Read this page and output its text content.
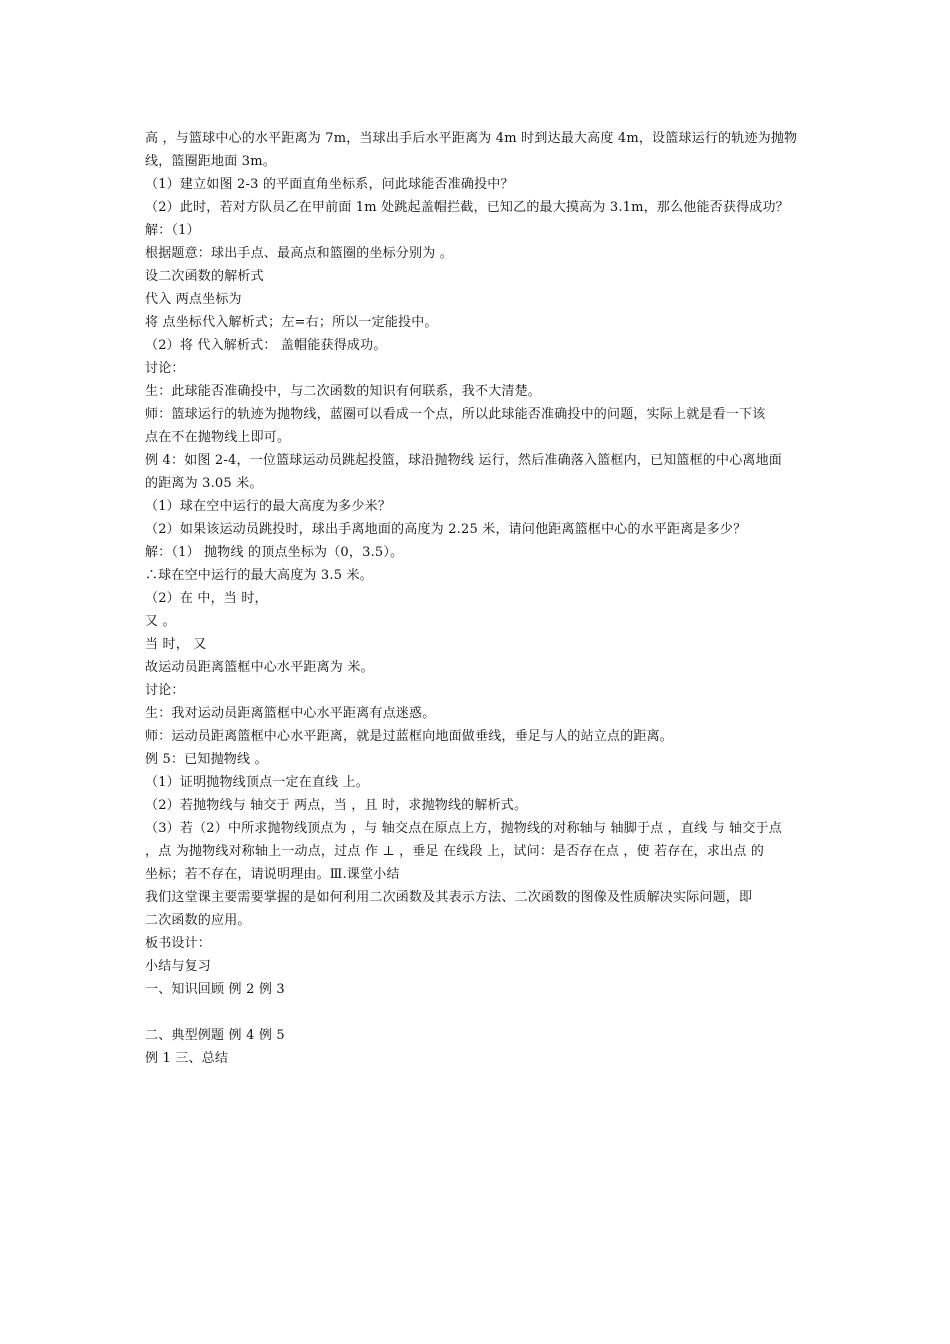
高 ，与篮球中心的水平距离为 7m，当球出手后水平距离为 4m 时到达最大高度 4m，设篮球运行的轨迹为抛物
线，篮圈距地面 3m。
（1）建立如图 2-3 的平面直角坐标系，问此球能否准确投中？
（2）此时，若对方队员乙在甲前面 1m 处跳起盖帽拦截，已知乙的最大摸高为 3.1m，那么他能否获得成功？
解：（1）
根据题意：球出手点、最高点和篮圈的坐标分别为 。
设二次函数的解析式
代入 两点坐标为
将 点坐标代入解析式；左=右；所以一定能投中。
（2）将 代入解析式： 盖帽能获得成功。
讨论：
生：此球能否准确投中，与二次函数的知识有何联系，我不大清楚。
师：篮球运行的轨迹为抛物线，蓝圈可以看成一个点，所以此球能否准确投中的问题，实际上就是看一下该
点在不在抛物线上即可。
例 4：如图 2-4，一位篮球运动员跳起投篮，球沿抛物线 运行，然后准确落入篮框内，已知篮框的中心离地面
的距离为 3.05 米。
（1）球在空中运行的最大高度为多少米？
（2）如果该运动员跳投时，球出手离地面的高度为 2.25 米，请问他距离篮框中心的水平距离是多少？
解：（1） 抛物线 的顶点坐标为（0，3.5）。
∴球在空中运行的最大高度为 3.5 米。
（2）在 中，当 时，
又 。
当 时， 又
故运动员距离篮框中心水平距离为 米。
讨论：
生：我对运动员距离篮框中心水平距离有点迷惑。
师：运动员距离篮框中心水平距离，就是过蓝框向地面做垂线，垂足与人的站立点的距离。
例 5：已知抛物线 。
（1）证明抛物线顶点一定在直线 上。
（2）若抛物线与 轴交于 两点，当 ，且 时，求抛物线的解析式。
（3）若（2）中所求抛物线顶点为 ，与 轴交点在原点上方，抛物线的对称轴与 轴脚于点 ，直线 与 轴交于点
，点 为抛物线对称轴上一动点，过点 作 ⊥ ，垂足 在线段 上，试问：是否存在点 ，使 若存在，求出点 的
坐标；若不存在，请说明理由。Ⅲ.课堂小结
我们这堂课主要需要掌握的是如何利用二次函数及其表示方法、二次函数的图像及性质解决实际问题，即
二次函数的应用。
板书设计：
小结与复习
一、知识回顾 例 2 例 3
二、典型例题 例 4 例 5
例 1 三、总结
